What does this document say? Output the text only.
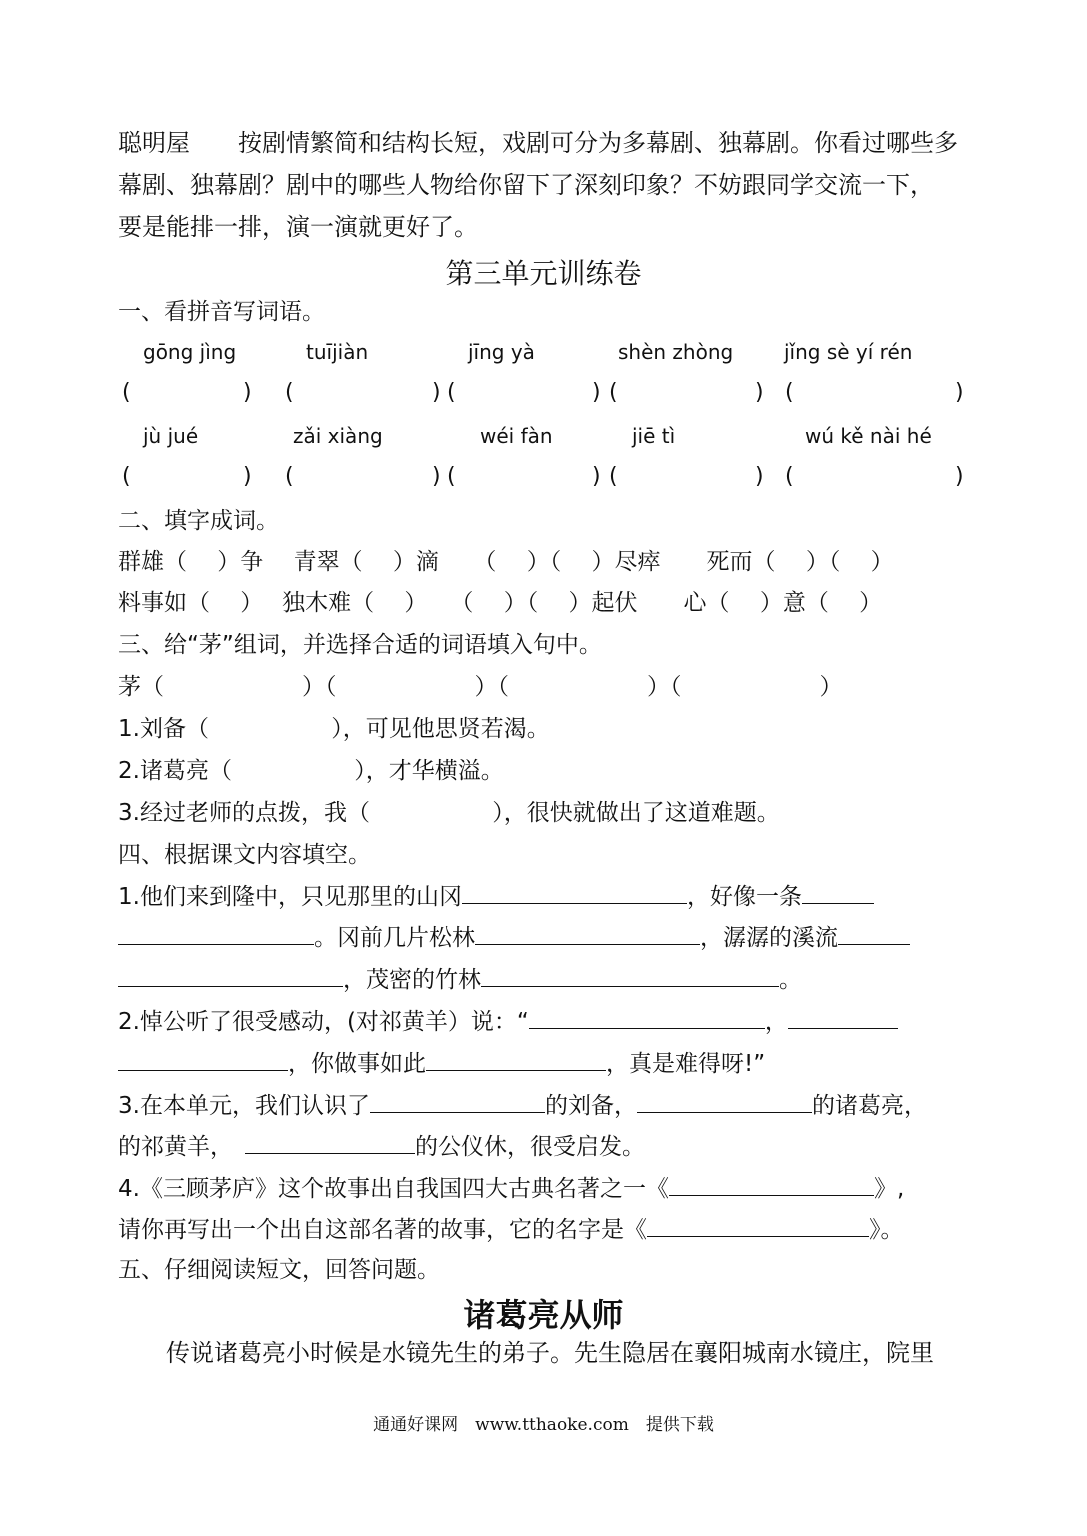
聪明屋　　按剧情繁简和结构长短，戏剧可分为多幕剧、独幕剧。你看过哪些多
幕剧、独幕剧？剧中的哪些人物给你留下了深刻印象？不妨跟同学交流一下，
要是能排一排，演一演就更好了。
第三单元训练卷
一、看拼音写词语。
gōng jìng	tuījiàn	jīng yà	shèn zhòng	jǐng sè yí rén
(	) (	) (	) (	) (	)
jù jué	zǎi xiàng	wéi fàn	jiē tì	wú kě nài hé
(	) (	) (	) (	) (	)
二、填字成词。
群雄（　 ）争　 青翠（　 ）滴　　（　 ）（　 ）尽瘁　　死而（　 ）（　 ）
料事如（　 ）　 独木难（　 ）　　（　 ）（　 ）起伏　　心（　 ）意（　 ）
三、给“茅”组词，并选择合适的词语填入句中。
茅（　　　　　　）（　　　　　　）（　　　　　　）（　　　　　　）
1.刘备（　　　　　 ），可见他思贤若渴。
2.诸葛亮（　　　　　 ），才华横溢。
3.经过老师的点拨，我（　　　　　 ），很快就做出了这道难题。
四、根据课文内容填空。
1.他们来到隆中，只见那里的山冈	，好像一条
。冈前几片松林	，潺潺的溪流
，茂密的竹林	。
2.悼公听了很受感动，(对祁黄羊）说：“	，
，你做事如此	，真是难得呀!”
3.在本单元，我们认识了	的刘备，	的诸葛亮，
的祁黄羊，	的公仪休，很受启发。
4.《三顾茅庐》这个故事出自我国四大古典名著之一《	》,
请你再写出一个出自这部名著的故事，它的名字是《	》。
五、仔细阅读短文，回答问题。
诸葛亮从师
　　传说诸葛亮小时候是水镜先生的弟子。先生隐居在襄阳城南水镜庄，院里
通通好课网　www.tthaoke.com　提供下载
